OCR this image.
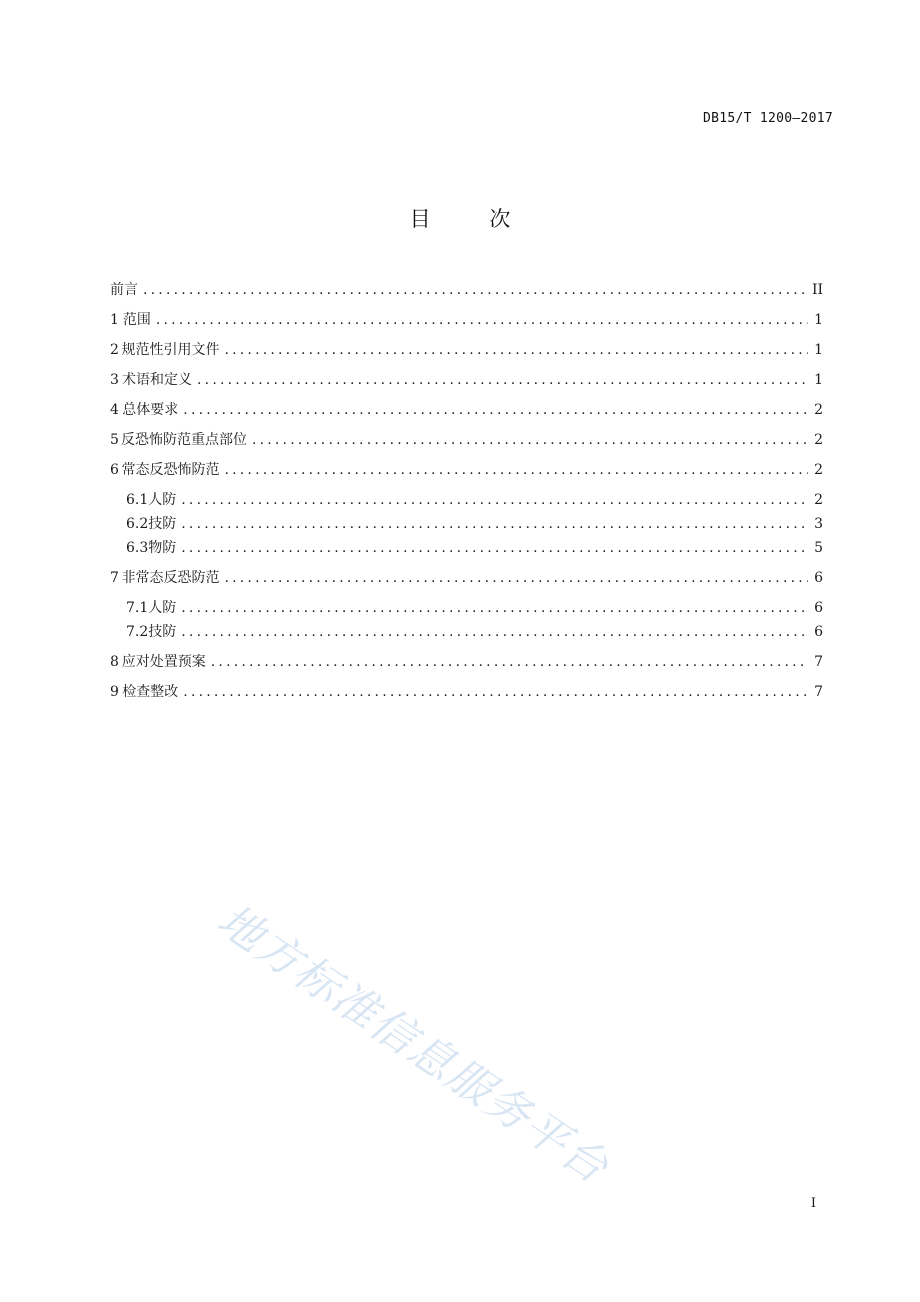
DB15/T 1200—2017
目 次
前言 .....	II
1 范围 .....	1
2 规范性引用文件 .....	1
3 术语和定义 .....	1
4 总体要求 .....	2
5 反恐怖防范重点部位 .....	2
6 常态反恐怖防范 .....	2
6.1 人防 .....	2
6.2 技防 .....	3
6.3 物防 .....	5
7 非常态反恐防范 .....	6
7.1 人防 .....	6
7.2 技防 .....	6
8 应对处置预案 .....	7
9 检查整改 .....	7
地方标准信息服务平台
I
